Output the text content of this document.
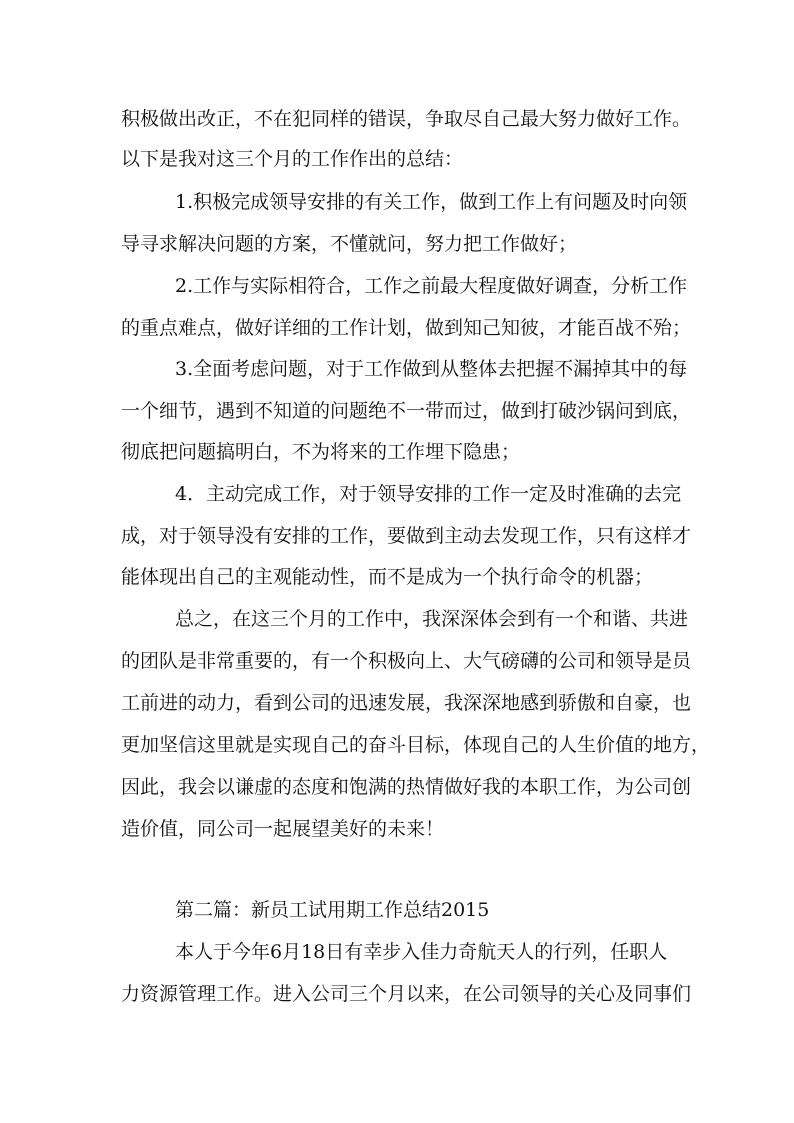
积极做出改正，不在犯同样的错误，争取尽自己最大努力做好工作。
以下是我对这三个月的工作作出的总结：
1.积极完成领导安排的有关工作，做到工作上有问题及时向领
导寻求解决问题的方案，不懂就问，努力把工作做好；
2.工作与实际相符合，工作之前最大程度做好调查，分析工作
的重点难点，做好详细的工作计划，做到知己知彼，才能百战不殆；
3.全面考虑问题，对于工作做到从整体去把握不漏掉其中的每
一个细节，遇到不知道的问题绝不一带而过，做到打破沙锅问到底，
彻底把问题搞明白，不为将来的工作埋下隐患；
4．主动完成工作，对于领导安排的工作一定及时准确的去完
成，对于领导没有安排的工作，要做到主动去发现工作，只有这样才
能体现出自己的主观能动性，而不是成为一个执行命令的机器；
总之，在这三个月的工作中，我深深体会到有一个和谐、共进
的团队是非常重要的，有一个积极向上、大气磅礴的公司和领导是员
工前进的动力，看到公司的迅速发展，我深深地感到骄傲和自豪，也
更加坚信这里就是实现自己的奋斗目标，体现自己的人生价值的地方，
因此，我会以谦虚的态度和饱满的热情做好我的本职工作，为公司创
造价值，同公司一起展望美好的未来！
第二篇：新员工试用期工作总结2015
本人于今年6月18日有幸步入佳力奇航天人的行列，任职人
力资源管理工作。进入公司三个月以来，在公司领导的关心及同事们
